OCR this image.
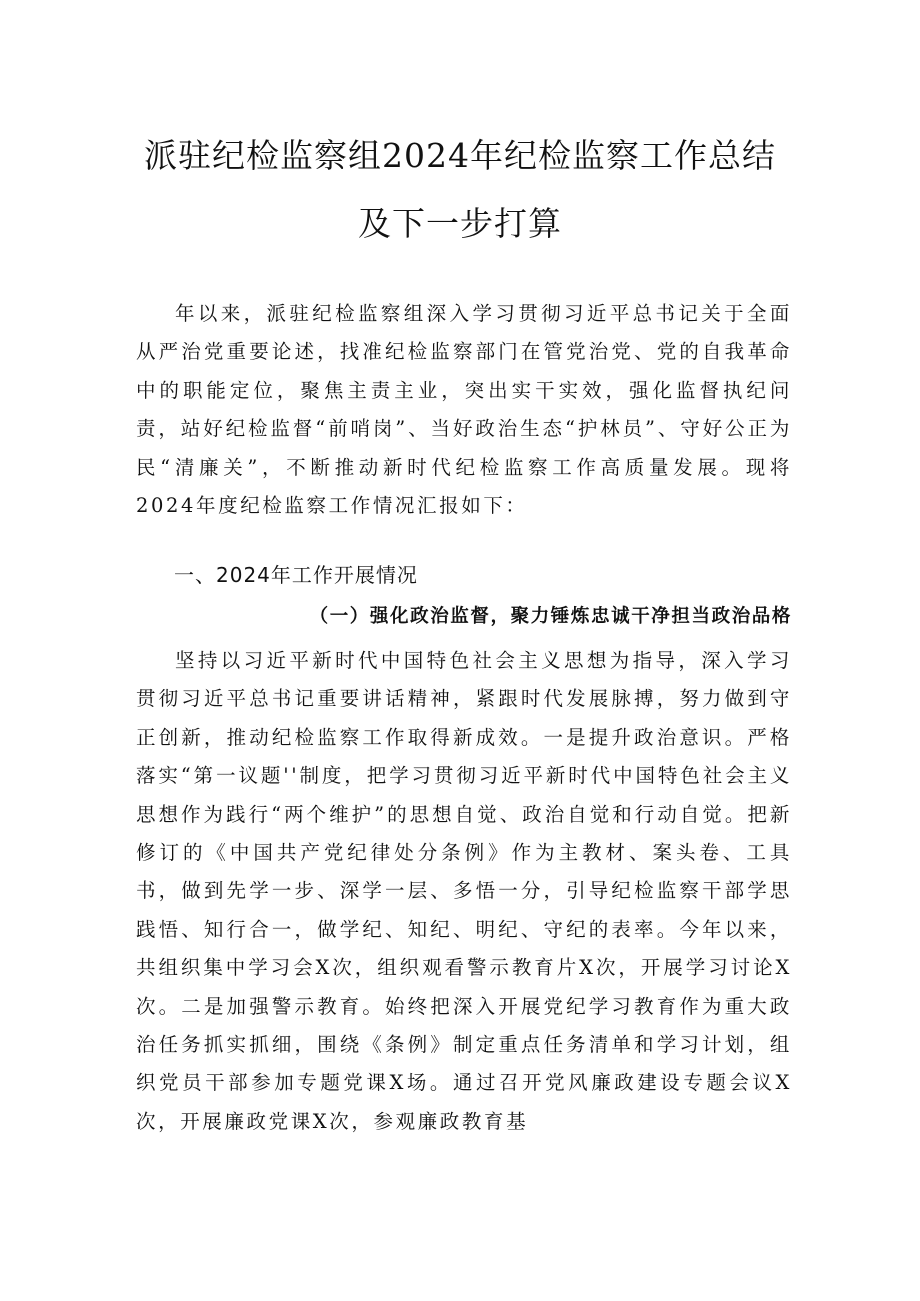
派驻纪检监察组2024年纪检监察工作总结
及下一步打算

年以来，派驻纪检监察组深入学习贯彻习近平总书记关于全面从严治党重要论述，找准纪检监察部门在管党治党、党的自我革命中的职能定位，聚焦主责主业，突出实干实效，强化监督执纪问责，站好纪检监督“前哨岗”、当好政治生态“护林员”、守好公正为民“清廉关”，不断推动新时代纪检监察工作高质量发展。现将2024年度纪检监察工作情况汇报如下：

一、2024年工作开展情况
（一）强化政治监督，聚力锤炼忠诚干净担当政治品格

坚持以习近平新时代中国特色社会主义思想为指导，深入学习贯彻习近平总书记重要讲话精神，紧跟时代发展脉搏，努力做到守正创新，推动纪检监察工作取得新成效。一是提升政治意识。严格落实“第一议题''制度，把学习贯彻习近平新时代中国特色社会主义思想作为践行“两个维护”的思想自觉、政治自觉和行动自觉。把新修订的《中国共产党纪律处分条例》作为主教材、案头卷、工具书，做到先学一步、深学一层、多悟一分，引导纪检监察干部学思践悟、知行合一，做学纪、知纪、明纪、守纪的表率。今年以来，共组织集中学习会X次，组织观看警示教育片X次，开展学习讨论X次。二是加强警示教育。始终把深入开展党纪学习教育作为重大政治任务抓实抓细，围绕《条例》制定重点任务清单和学习计划，组织党员干部参加专题党课X场。通过召开党风廉政建设专题会议X次，开展廉政党课X次，参观廉政教育基
